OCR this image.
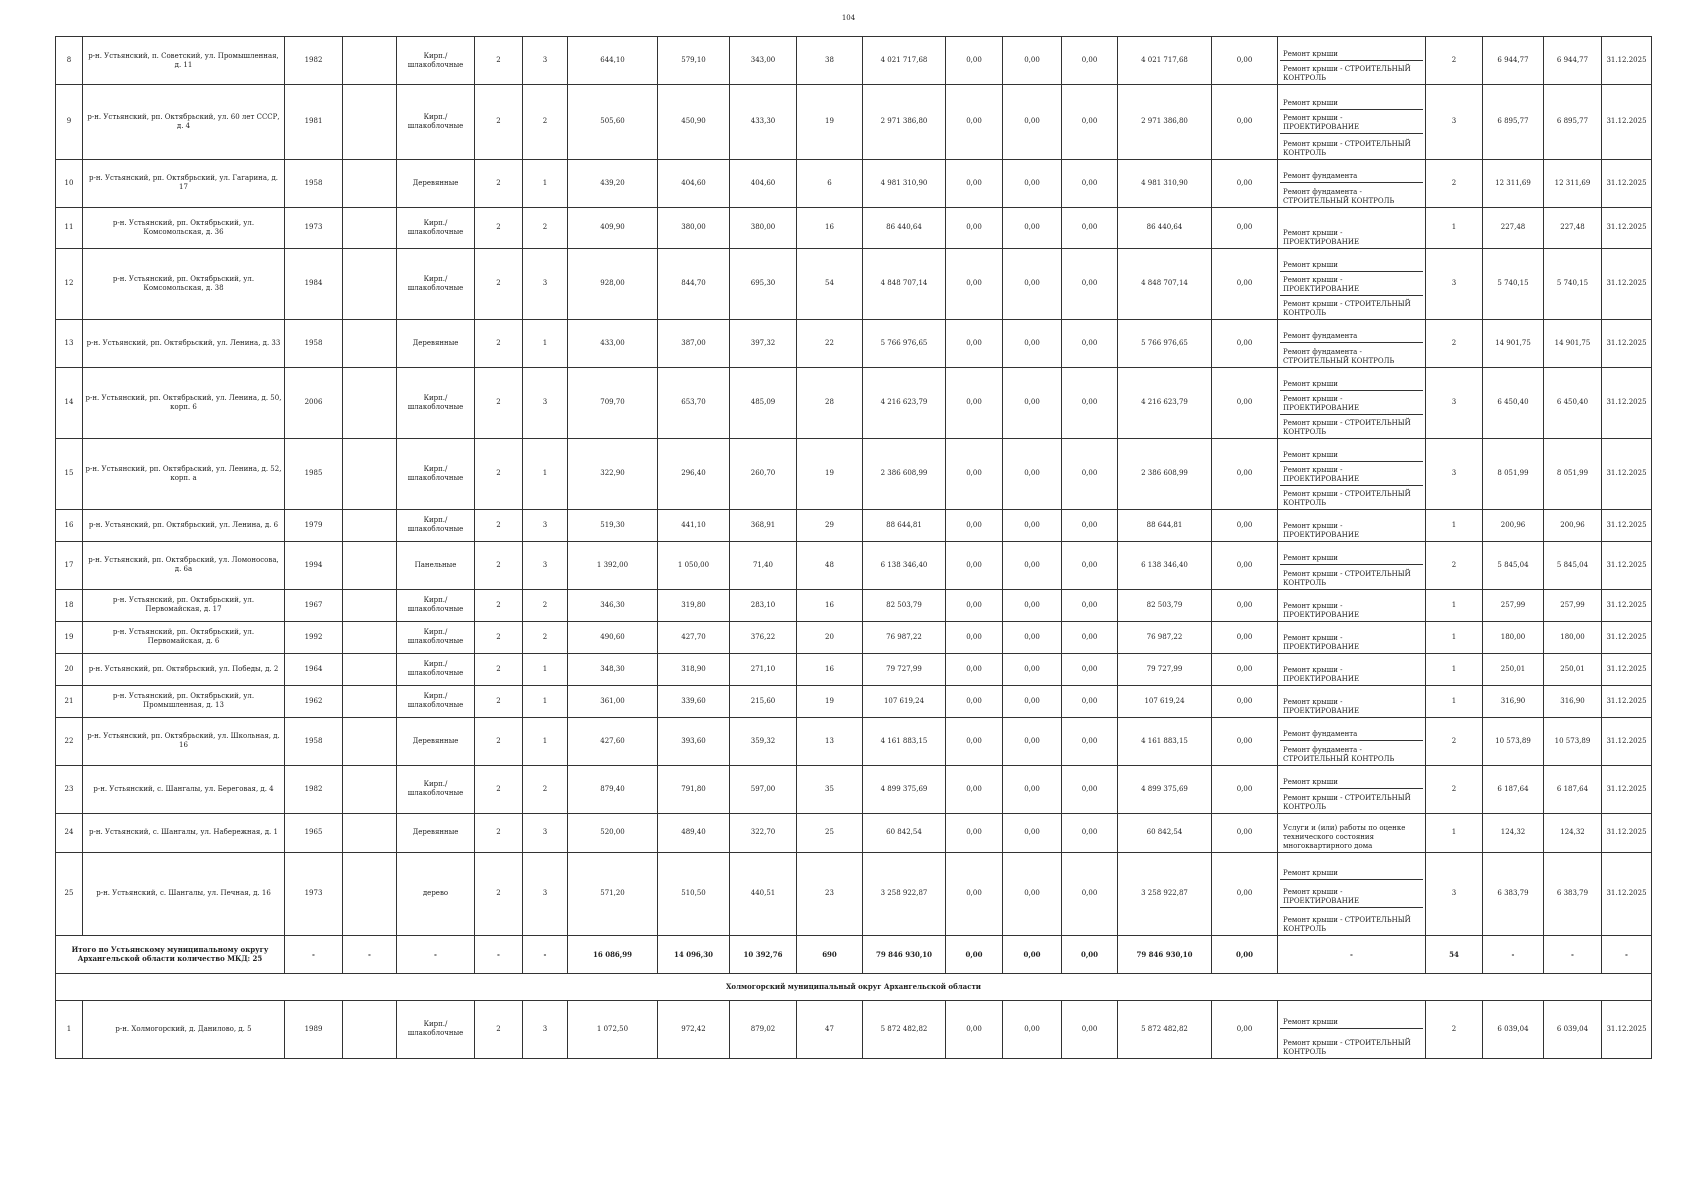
104
8	р-н. Устьянский, п. Советский, ул. Промышленная, д. 11	1982		Кирп./ шлакоблочные	2	3	644,10	579,10	343,00	38	4 021 717,68	0,00	0,00	0,00	4 021 717,68	0,00	Ремонт крыши
Ремонт крыши - СТРОИТЕЛЬНЫЙ КОНТРОЛЬ	2	6 944,77	6 944,77	31.12.2025
9	р-н. Устьянский, рп. Октябрьский, ул. 60 лет СССР, д. 4	1981		Кирп./ шлакоблочные	2	2	505,60	450,90	433,30	19	2 971 386,80	0,00	0,00	0,00	2 971 386,80	0,00	Ремонт крыши
Ремонт крыши - ПРОЕКТИРОВАНИЕ
Ремонт крыши - СТРОИТЕЛЬНЫЙ КОНТРОЛЬ	3	6 895,77	6 895,77	31.12.2025
10	р-н. Устьянский, рп. Октябрьский, ул. Гагарина, д. 17	1958		Деревянные	2	1	439,20	404,60	404,60	6	4 981 310,90	0,00	0,00	0,00	4 981 310,90	0,00	Ремонт фундамента
Ремонт фундамента - СТРОИТЕЛЬНЫЙ КОНТРОЛЬ	2	12 311,69	12 311,69	31.12.2025
11	р-н. Устьянский, рп. Октябрьский, ул. Комсомольская, д. 36	1973		Кирп./ шлакоблочные	2	2	409,90	380,00	380,00	16	86 440,64	0,00	0,00	0,00	86 440,64	0,00	Ремонт крыши - ПРОЕКТИРОВАНИЕ	1	227,48	227,48	31.12.2025
12	р-н. Устьянский, рп. Октябрьский, ул. Комсомольская, д. 38	1984		Кирп./ шлакоблочные	2	3	928,00	844,70	695,30	54	4 848 707,14	0,00	0,00	0,00	4 848 707,14	0,00	Ремонт крыши
Ремонт крыши - ПРОЕКТИРОВАНИЕ
Ремонт крыши - СТРОИТЕЛЬНЫЙ КОНТРОЛЬ	3	5 740,15	5 740,15	31.12.2025
13	р-н. Устьянский, рп. Октябрьский, ул. Ленина, д. 33	1958		Деревянные	2	1	433,00	387,00	397,32	22	5 766 976,65	0,00	0,00	0,00	5 766 976,65	0,00	Ремонт фундамента
Ремонт фундамента - СТРОИТЕЛЬНЫЙ КОНТРОЛЬ	2	14 901,75	14 901,75	31.12.2025
14	р-н. Устьянский, рп. Октябрьский, ул. Ленина, д. 50, корп. 6	2006		Кирп./ шлакоблочные	2	3	709,70	653,70	485,09	28	4 216 623,79	0,00	0,00	0,00	4 216 623,79	0,00	Ремонт крыши
Ремонт крыши - ПРОЕКТИРОВАНИЕ
Ремонт крыши - СТРОИТЕЛЬНЫЙ КОНТРОЛЬ	3	6 450,40	6 450,40	31.12.2025
15	р-н. Устьянский, рп. Октябрьский, ул. Ленина, д. 52, корп. а	1985		Кирп./ шлакоблочные	2	1	322,90	296,40	260,70	19	2 386 608,99	0,00	0,00	0,00	2 386 608,99	0,00	Ремонт крыши
Ремонт крыши - ПРОЕКТИРОВАНИЕ
Ремонт крыши - СТРОИТЕЛЬНЫЙ КОНТРОЛЬ	3	8 051,99	8 051,99	31.12.2025
16	р-н. Устьянский, рп. Октябрьский, ул. Ленина, д. 6	1979		Кирп./ шлакоблочные	2	3	519,30	441,10	368,91	29	88 644,81	0,00	0,00	0,00	88 644,81	0,00	Ремонт крыши - ПРОЕКТИРОВАНИЕ	1	200,96	200,96	31.12.2025
17	р-н. Устьянский, рп. Октябрьский, ул. Ломоносова, д. 6а	1994		Панельные	2	3	1 392,00	1 050,00	71,40	48	6 138 346,40	0,00	0,00	0,00	6 138 346,40	0,00	Ремонт крыши
Ремонт крыши - СТРОИТЕЛЬНЫЙ КОНТРОЛЬ	2	5 845,04	5 845,04	31.12.2025
18	р-н. Устьянский, рп. Октябрьский, ул. Первомайская, д. 17	1967		Кирп./ шлакоблочные	2	2	346,30	319,80	283,10	16	82 503,79	0,00	0,00	0,00	82 503,79	0,00	Ремонт крыши - ПРОЕКТИРОВАНИЕ	1	257,99	257,99	31.12.2025
19	р-н. Устьянский, рп. Октябрьский, ул. Первомайская, д. 6	1992		Кирп./ шлакоблочные	2	2	490,60	427,70	376,22	20	76 987,22	0,00	0,00	0,00	76 987,22	0,00	Ремонт крыши - ПРОЕКТИРОВАНИЕ	1	180,00	180,00	31.12.2025
20	р-н. Устьянский, рп. Октябрьский, ул. Победы, д. 2	1964		Кирп./ шлакоблочные	2	1	348,30	318,90	271,10	16	79 727,99	0,00	0,00	0,00	79 727,99	0,00	Ремонт крыши - ПРОЕКТИРОВАНИЕ	1	250,01	250,01	31.12.2025
21	р-н. Устьянский, рп. Октябрьский, ул. Промышленная, д. 13	1962		Кирп./ шлакоблочные	2	1	361,00	339,60	215,60	19	107 619,24	0,00	0,00	0,00	107 619,24	0,00	Ремонт крыши - ПРОЕКТИРОВАНИЕ	1	316,90	316,90	31.12.2025
22	р-н. Устьянский, рп. Октябрьский, ул. Школьная, д. 16	1958		Деревянные	2	1	427,60	393,60	359,32	13	4 161 883,15	0,00	0,00	0,00	4 161 883,15	0,00	Ремонт фундамента
Ремонт фундамента - СТРОИТЕЛЬНЫЙ КОНТРОЛЬ	2	10 573,89	10 573,89	31.12.2025
23	р-н. Устьянский, с. Шангалы, ул. Береговая, д. 4	1982		Кирп./ шлакоблочные	2	2	879,40	791,80	597,00	35	4 899 375,69	0,00	0,00	0,00	4 899 375,69	0,00	Ремонт крыши
Ремонт крыши - СТРОИТЕЛЬНЫЙ КОНТРОЛЬ	2	6 187,64	6 187,64	31.12.2025
24	р-н. Устьянский, с. Шангалы, ул. Набережная, д. 1	1965		Деревянные	2	3	520,00	489,40	322,70	25	60 842,54	0,00	0,00	0,00	60 842,54	0,00	Услуги и (или) работы по оценке технического состояния многоквартирного дома	1	124,32	124,32	31.12.2025
25	р-н. Устьянский, с. Шангалы, ул. Печная, д. 16	1973		дерево	2	3	571,20	510,50	440,51	23	3 258 922,87	0,00	0,00	0,00	3 258 922,87	0,00	Ремонт крыши
Ремонт крыши - ПРОЕКТИРОВАНИЕ
Ремонт крыши - СТРОИТЕЛЬНЫЙ КОНТРОЛЬ	3	6 383,79	6 383,79	31.12.2025
Итого по Устьянскому муниципальному округу Архангельской области количество МКД: 25		-	-	-	-	-	16 086,99	14 096,30	10 392,76	690	79 846 930,10	0,00	0,00	0,00	79 846 930,10	0,00	-	54	-	-	-
Холмогорский муниципальный округ Архангельской области																					
1	р-н. Холмогорский, д. Данилово, д. 5	1989		Кирп./ шлакоблочные	2	3	1 072,50	972,42	879,02	47	5 872 482,82	0,00	0,00	0,00	5 872 482,82	0,00	Ремонт крыши
Ремонт крыши - СТРОИТЕЛЬНЫЙ КОНТРОЛЬ	2	6 039,04	6 039,04	31.12.2025
